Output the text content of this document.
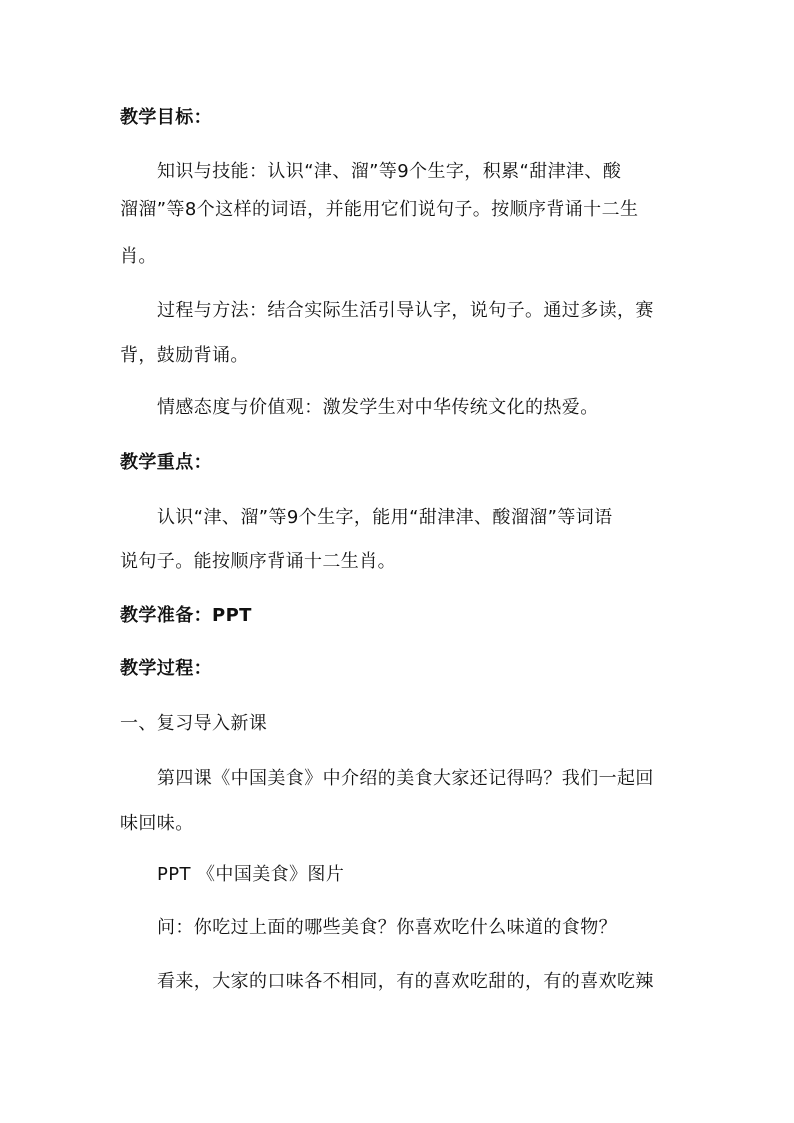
教学目标：
知识与技能：认识“津、溜”等9个生字，积累“甜津津、酸
溜溜”等8个这样的词语，并能用它们说句子。按顺序背诵十二生
肖。
过程与方法：结合实际生活引导认字，说句子。通过多读，赛
背，鼓励背诵。
情感态度与价值观：激发学生对中华传统文化的热爱。
教学重点：
认识“津、溜”等9个生字，能用“甜津津、酸溜溜”等词语
说句子。能按顺序背诵十二生肖。
教学准备：PPT
教学过程：
一、复习导入新课
第四课《中国美食》中介绍的美食大家还记得吗？我们一起回
味回味。
PPT 《中国美食》图片
问：你吃过上面的哪些美食？你喜欢吃什么味道的食物？
看来，大家的口味各不相同，有的喜欢吃甜的，有的喜欢吃辣
